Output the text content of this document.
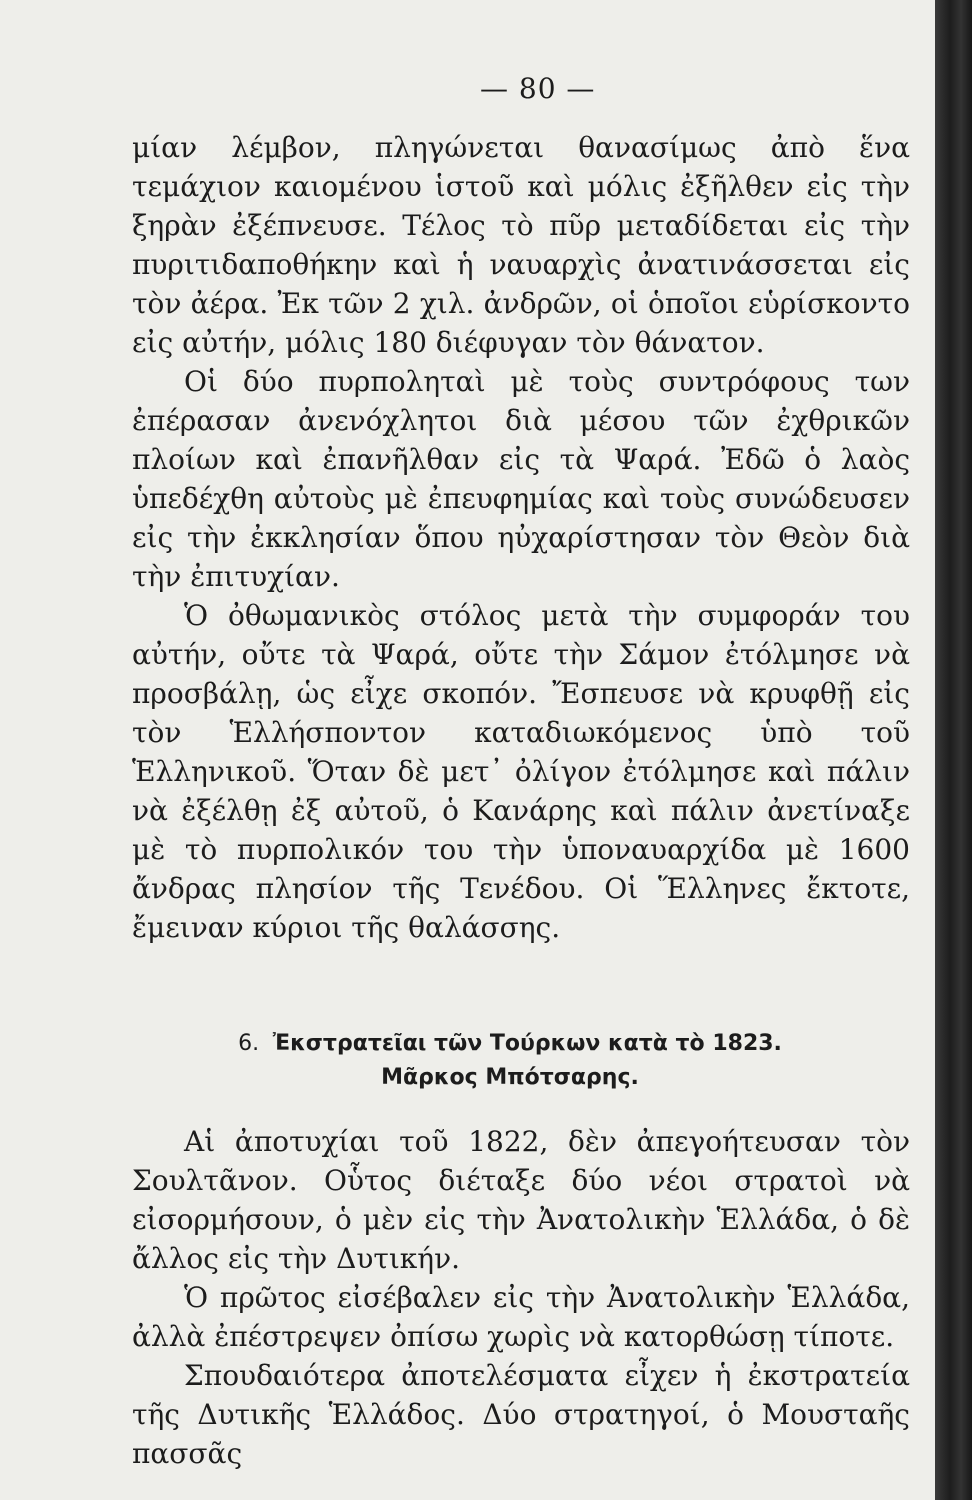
— 80 —

μίαν λέμβον, πληγώνεται θανασίμως ἀπὸ ἕνα τεμάχιον καιομένου ἱστοῦ καὶ μόλις ἐξῆλθεν εἰς τὴν ξηρὰν ἐξέπνευσε. Τέλος τὸ πῦρ μεταδίδεται εἰς τὴν πυριτιδαποθήκην καὶ ἡ ναυαρχὶς ἀνατινάσσεται εἰς τὸν ἀέρα. Ἐκ τῶν 2 χιλ. ἀνδρῶν, οἱ ὁποῖοι εὑρίσκοντο εἰς αὐτήν, μόλις 180 διέφυγαν τὸν θάνατον.

Οἱ δύο πυρποληταὶ μὲ τοὺς συντρόφους των ἐπέρασαν ἀνενόχλητοι διὰ μέσου τῶν ἐχθρικῶν πλοίων καὶ ἐπανῆλθαν εἰς τὰ Ψαρά. Ἐδῶ ὁ λαὸς ὑπεδέχθη αὐτοὺς μὲ ἐπευφημίας καὶ τοὺς συνώδευσεν εἰς τὴν ἐκκλησίαν ὅπου ηὐχαρίστησαν τὸν Θεὸν διὰ τὴν ἐπιτυχίαν.

Ὁ ὀθωμανικὸς στόλος μετὰ τὴν συμφοράν του αὐτήν, οὔτε τὰ Ψαρά, οὔτε τὴν Σάμον ἐτόλμησε νὰ προσβάλῃ, ὡς εἶχε σκοπόν. Ἔσπευσε νὰ κρυφθῇ εἰς τὸν Ἑλλήσποντον καταδιωκόμενος ὑπὸ τοῦ Ἑλληνικοῦ. Ὅταν δὲ μετ᾽ ὀλίγον ἐτόλμησε καὶ πάλιν νὰ ἐξέλθῃ ἐξ αὐτοῦ, ὁ Κανάρης καὶ πάλιν ἀνετίναξε μὲ τὸ πυρπολικόν του τὴν ὑποναυαρχίδα μὲ 1600 ἄνδρας πλησίον τῆς Τενέδου. Οἱ Ἕλληνες ἔκτοτε, ἔμειναν κύριοι τῆς θαλάσσης.

6. Ἐκστρατεῖαι τῶν Τούρκων κατὰ τὸ 1823.
Μᾶρκος Μπότσαρης.

Αἱ ἀποτυχίαι τοῦ 1822, δὲν ἀπεγοήτευσαν τὸν Σουλτᾶνον. Οὗτος διέταξε δύο νέοι στρατοὶ νὰ εἰσορμήσουν, ὁ μὲν εἰς τὴν Ἀνατολικὴν Ἑλλάδα, ὁ δὲ ἄλλος εἰς τὴν Δυτικήν.

Ὁ πρῶτος εἰσέβαλεν εἰς τὴν Ἀνατολικὴν Ἑλλάδα, ἀλλὰ ἐπέστρεψεν ὀπίσω χωρὶς νὰ κατορθώσῃ τίποτε.

Σπουδαιότερα ἀποτελέσματα εἶχεν ἡ ἐκστρατεία τῆς Δυτικῆς Ἑλλάδος. Δύο στρατηγοί, ὁ Μουσταῆς πασσᾶς
